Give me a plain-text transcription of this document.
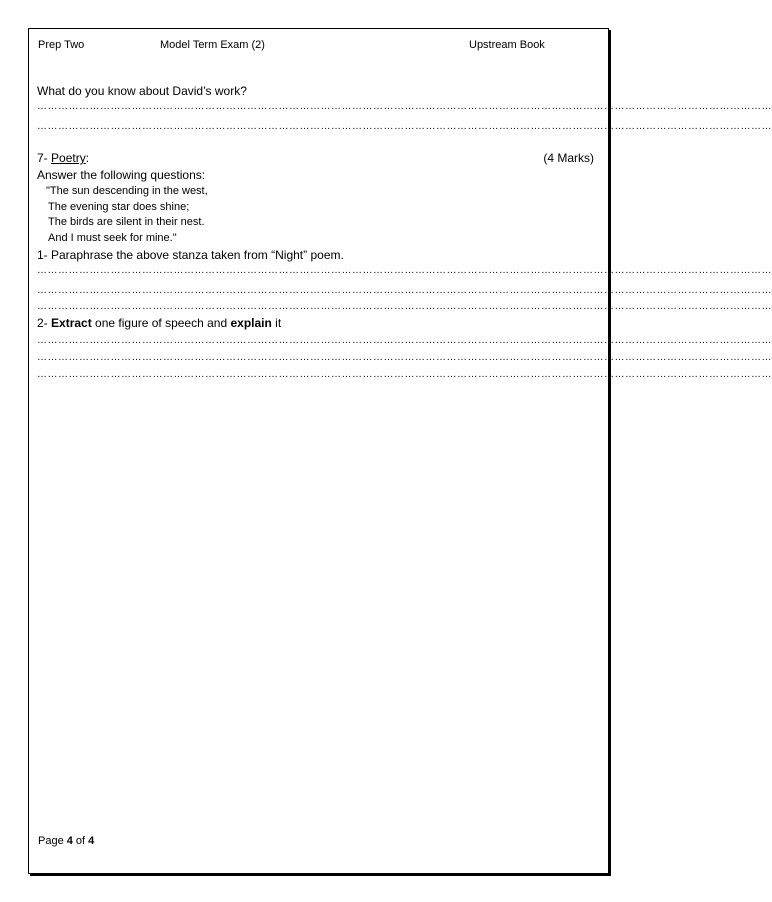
Prep Two	Model Term Exam (2)	Upstream Book
What do you know about David’s work?
…………………………………………………………………………………………………………………………………………………………………………………………
…………………………………………………………………………………………………………………………………………………………………………………………
7- Poetry:	(4 Marks)
Answer the following questions:
"The sun descending in the west,
The evening star does shine;
The birds are silent in their nest.
And I must seek for mine."
1- Paraphrase the above stanza taken from “Night” poem.
…………………………………………………………………………………………………………………………………………………………………………………………
…………………………………………………………………………………………………………………………………………………………………………………………
…………………………………………………………………………………………………………………………………………………………………………………………
2- Extract one figure of speech and explain it
…………………………………………………………………………………………………………………………………………………………………………………………
…………………………………………………………………………………………………………………………………………………………………………………………
…………………………………………………………………………………………………………………………………………………………………………………………
Page 4 of 4
